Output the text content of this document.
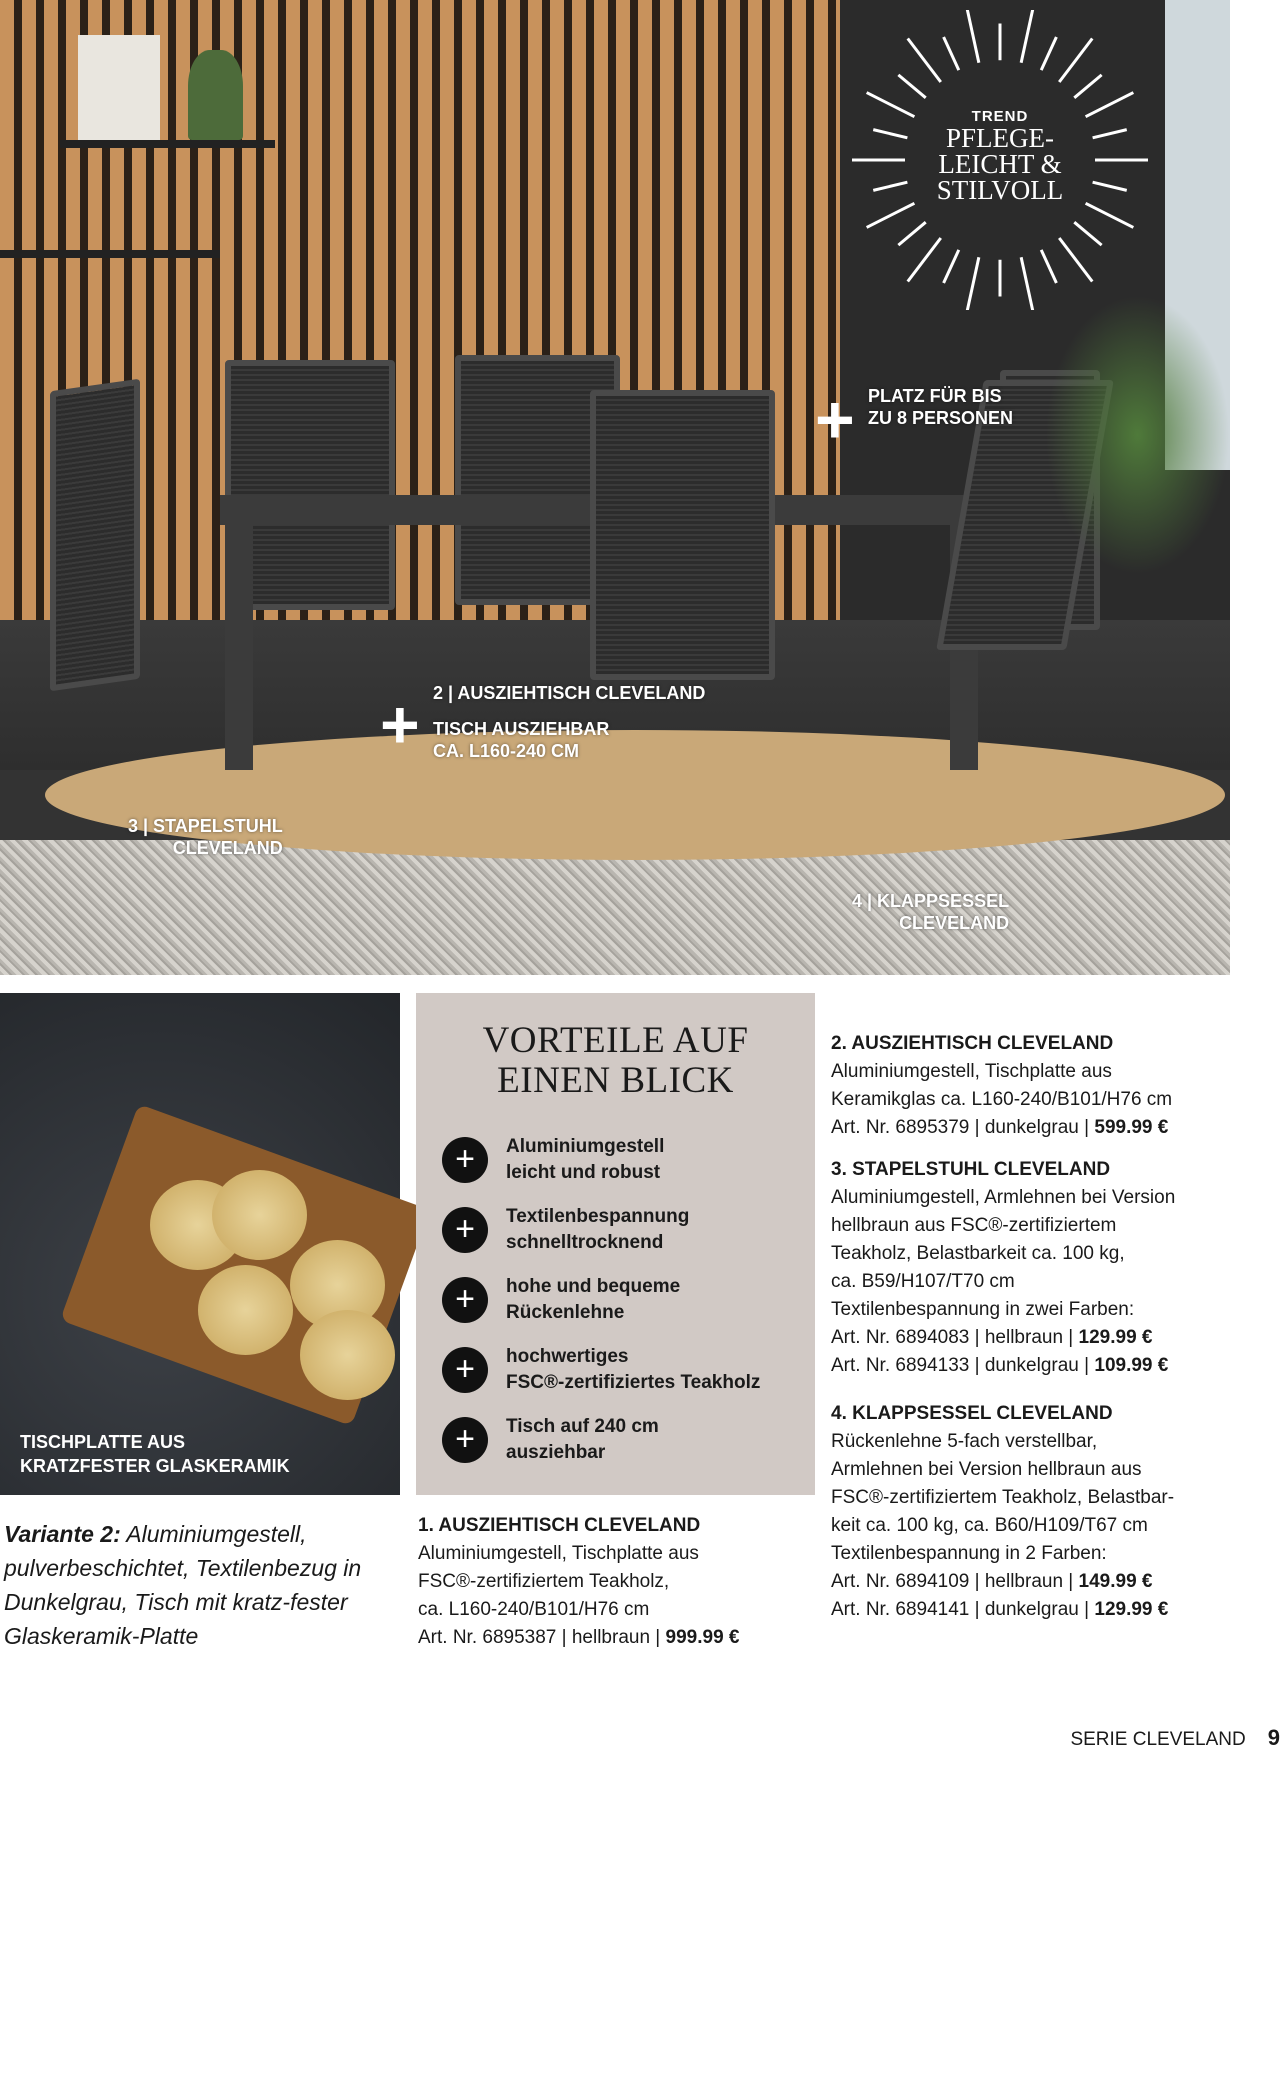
TREND
PFLEGE-
LEICHT &
STILVOLL
+ PLATZ FÜR BIS
ZU 8 PERSONEN
+ 2 | AUSZIEHTISCH CLEVELAND
TISCH AUSZIEHBAR
CA. L160-240 CM
3 | STAPELSTUHL
CLEVELAND
4 | KLAPPSESSEL
CLEVELAND
TISCHPLATTE AUS
KRATZFESTER GLASKERAMIK
Variante 2: Aluminiumgestell, pulverbeschichtet, Textilenbezug in Dunkelgrau, Tisch mit kratz-fester Glaskeramik-Platte
VORTEILE AUF
EINEN BLICK
+	Aluminiumgestell
leicht und robust
+	Textilenbespannung
schnelltrocknend
+	hohe und bequeme
Rückenlehne
+	hochwertiges
FSC®-zertifiziertes Teakholz
+	Tisch auf 240 cm
ausziehbar
1. AUSZIEHTISCH CLEVELAND
Aluminiumgestell, Tischplatte aus
FSC®-zertifiziertem Teakholz,
ca. L160-240/B101/H76 cm
Art. Nr. 6895387 | hellbraun | 999.99 €
2. AUSZIEHTISCH CLEVELAND
Aluminiumgestell, Tischplatte aus
Keramikglas ca. L160-240/B101/H76 cm
Art. Nr. 6895379 | dunkelgrau | 599.99 €
3. STAPELSTUHL CLEVELAND
Aluminiumgestell, Armlehnen bei Version
hellbraun aus FSC®-zertifiziertem
Teakholz, Belastbarkeit ca. 100 kg,
ca. B59/H107/T70 cm
Textilenbespannung in zwei Farben:
Art. Nr. 6894083 | hellbraun | 129.99 €
Art. Nr. 6894133 | dunkelgrau | 109.99 €
4. KLAPPSESSEL CLEVELAND
Rückenlehne 5-fach verstellbar,
Armlehnen bei Version hellbraun aus
FSC®-zertifiziertem Teakholz, Belastbar-
keit ca. 100 kg, ca. B60/H109/T67 cm
Textilenbespannung in 2 Farben:
Art. Nr. 6894109 | hellbraun | 149.99 €
Art. Nr. 6894141 | dunkelgrau | 129.99 €
SERIE CLEVELAND 9
